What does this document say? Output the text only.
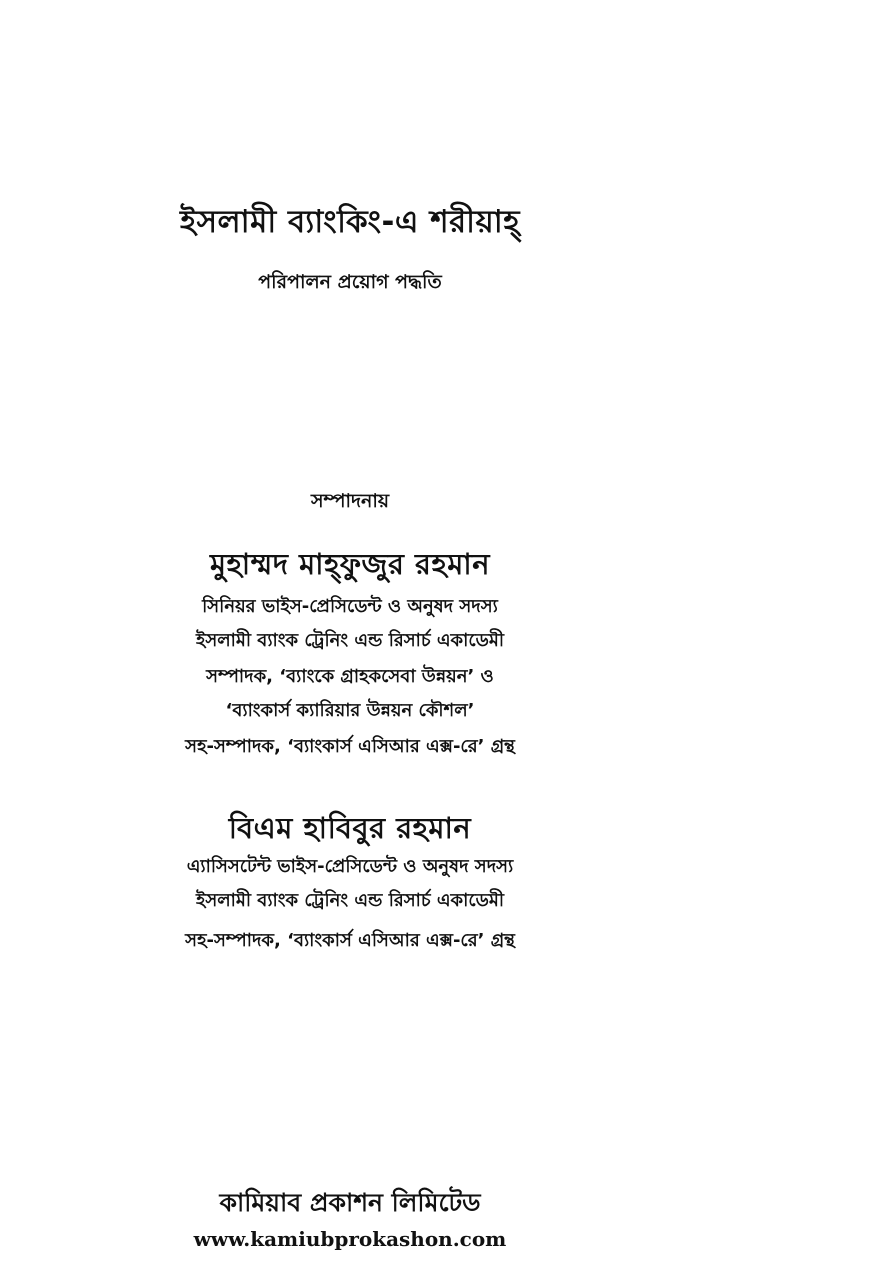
ইসলামী ব্যাংকিং-এ শরীয়াহ্
পরিপালন প্রয়োগ পদ্ধতি
সম্পাদনায়
মুহাম্মদ মাহ্ফুজুর রহমান
সিনিয়র ভাইস-প্রেসিডেন্ট ও অনুষদ সদস্য
ইসলামী ব্যাংক ট্রেনিং এন্ড রিসার্চ একাডেমী
সম্পাদক, ‘ব্যাংকে গ্রাহকসেবা উন্নয়ন’ ও
‘ব্যাংকার্স ক্যারিয়ার উন্নয়ন কৌশল’
সহ-সম্পাদক, ‘ব্যাংকার্স এসিআর এক্স-রে’ গ্রন্থ
বিএম হাবিবুর রহমান
এ্যাসিসটেন্ট ভাইস-প্রেসিডেন্ট ও অনুষদ সদস্য
ইসলামী ব্যাংক ট্রেনিং এন্ড রিসার্চ একাডেমী
সহ-সম্পাদক, ‘ব্যাংকার্স এসিআর এক্স-রে’ গ্রন্থ
কামিয়াব প্রকাশন লিমিটেড
www.kamiubprokashon.com
